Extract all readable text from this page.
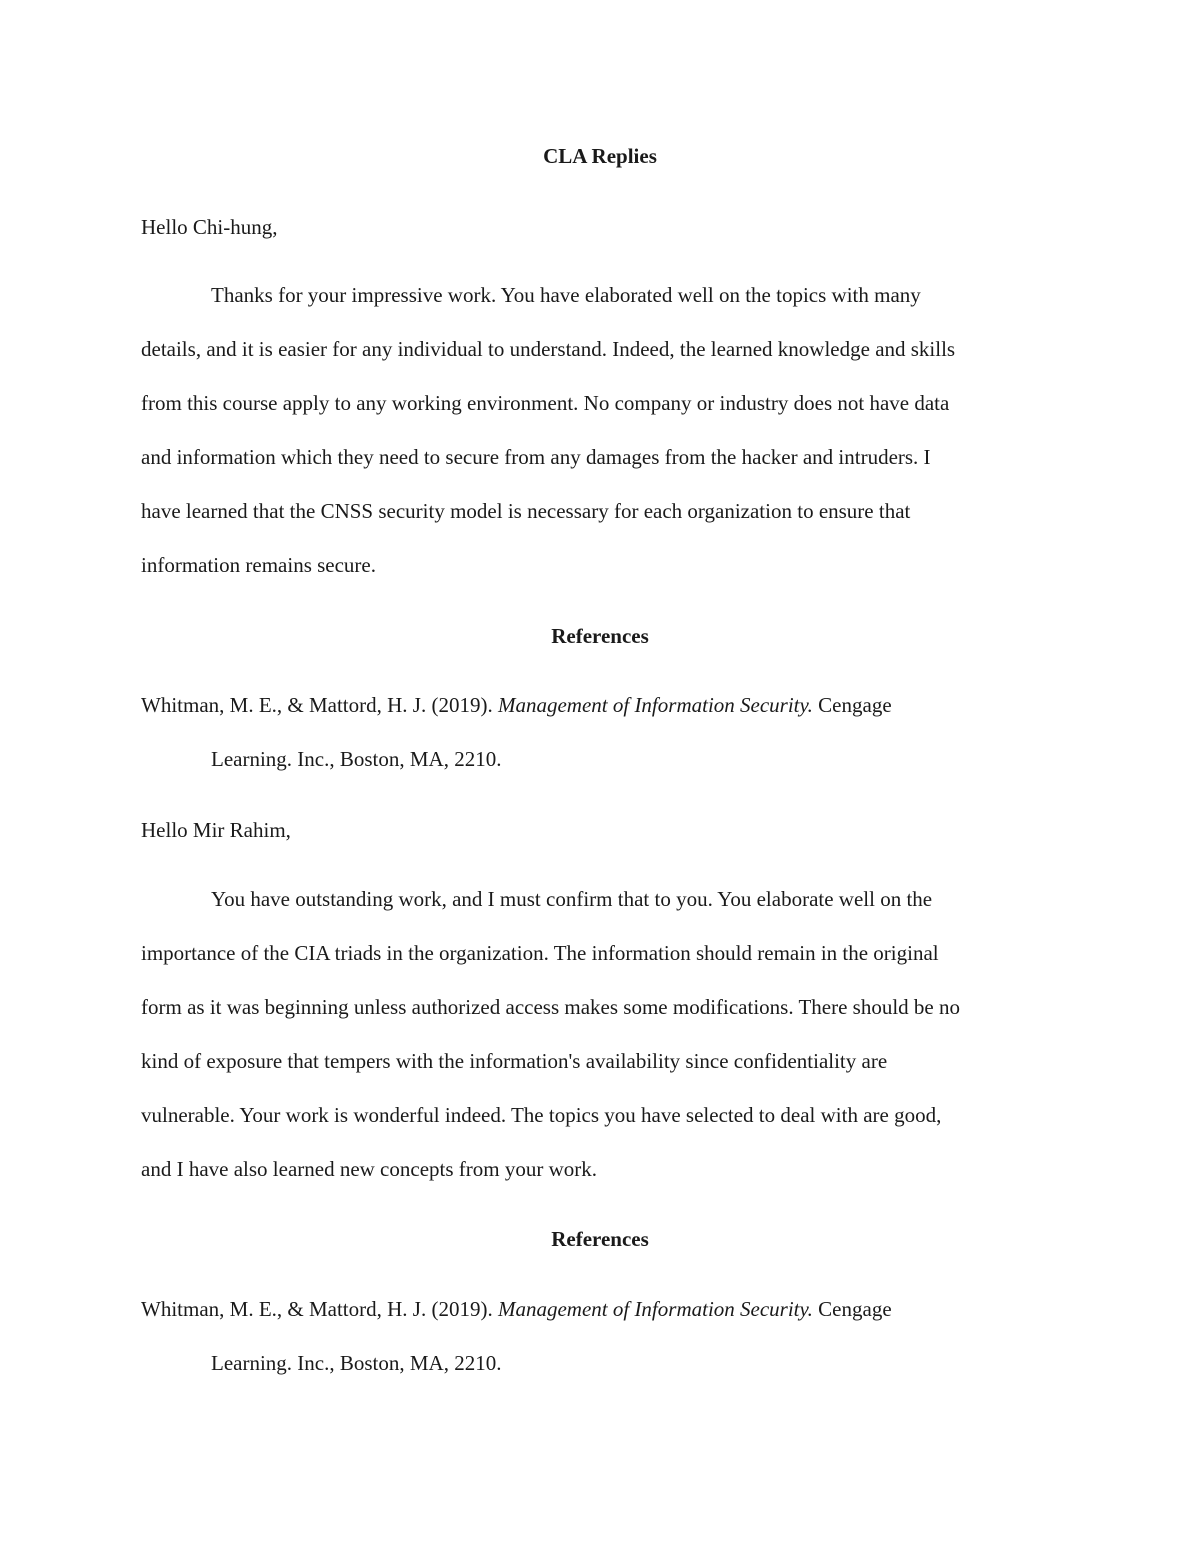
CLA Replies
Hello Chi-hung,
Thanks for your impressive work. You have elaborated well on the topics with many
details, and it is easier for any individual to understand. Indeed, the learned knowledge and skills
from this course apply to any working environment. No company or industry does not have data
and information which they need to secure from any damages from the hacker and intruders. I
have learned that the CNSS security model is necessary for each organization to ensure that
information remains secure.
References
Whitman, M. E., & Mattord, H. J. (2019). Management of Information Security. Cengage
Learning. Inc., Boston, MA, 2210.
Hello Mir Rahim,
You have outstanding work, and I must confirm that to you. You elaborate well on the
importance of the CIA triads in the organization. The information should remain in the original
form as it was beginning unless authorized access makes some modifications. There should be no
kind of exposure that tempers with the information's availability since confidentiality are
vulnerable. Your work is wonderful indeed. The topics you have selected to deal with are good,
and I have also learned new concepts from your work.
References
Whitman, M. E., & Mattord, H. J. (2019). Management of Information Security. Cengage
Learning. Inc., Boston, MA, 2210.
